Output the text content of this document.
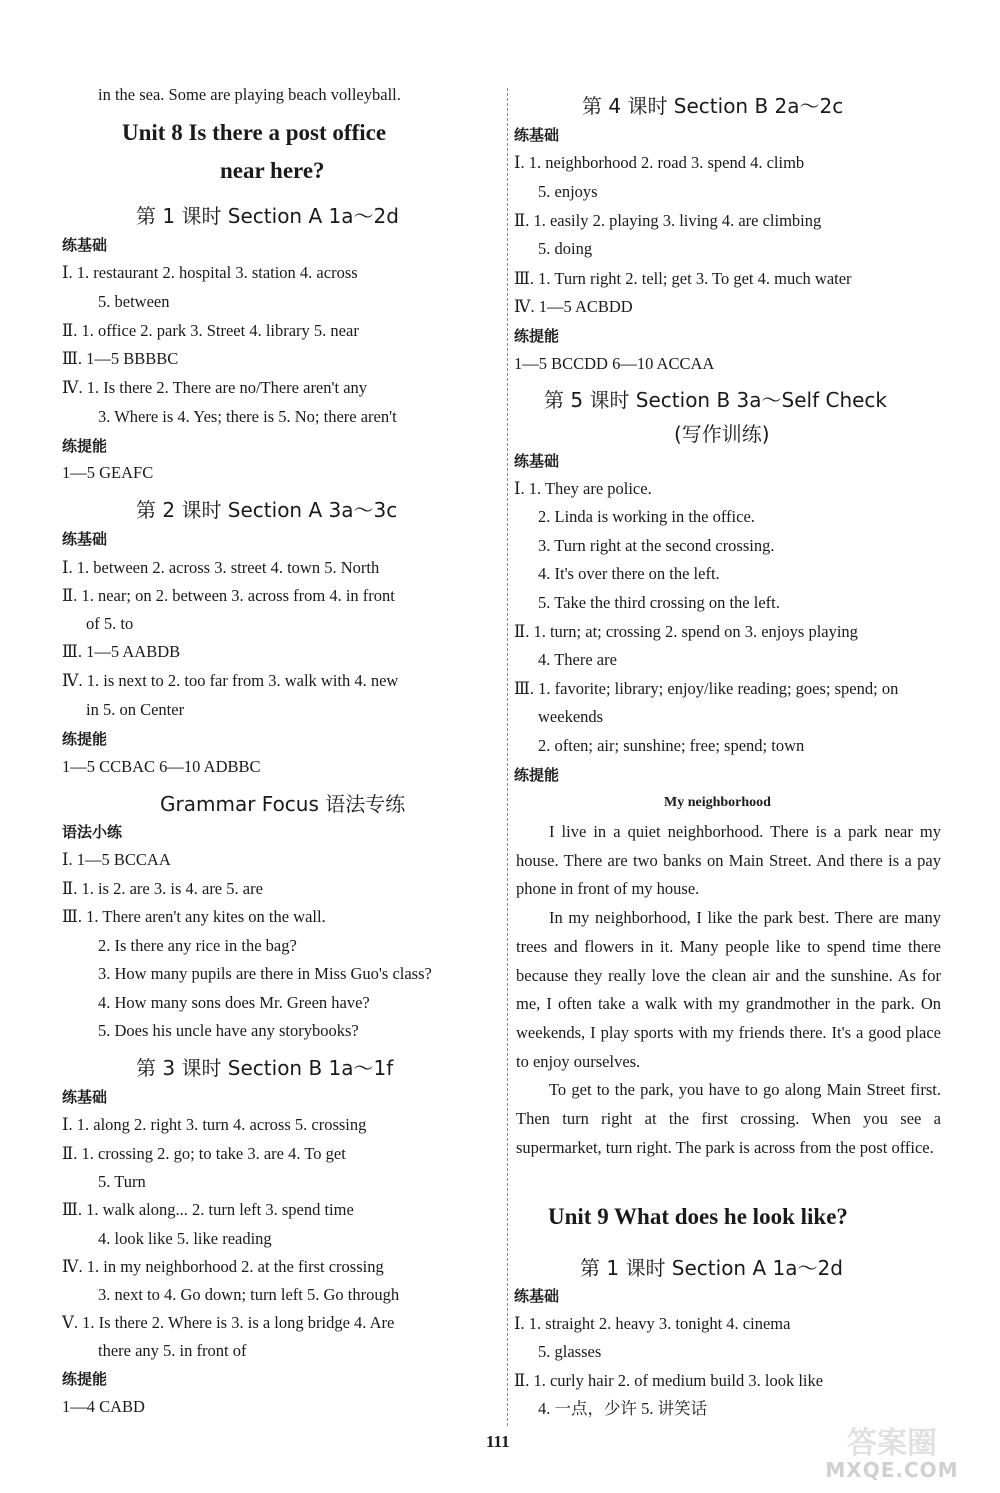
in the sea. Some are playing beach volleyball.
Unit 8 Is there a post office
near here?
第 1 课时 Section A 1a～2d
练基础
Ⅰ. 1. restaurant 2. hospital 3. station 4. across
5. between
Ⅱ. 1. office 2. park 3. Street 4. library 5. near
Ⅲ. 1—5 BBBBC
Ⅳ. 1. Is there 2. There are no/There aren't any
3. Where is 4. Yes; there is 5. No; there aren't
练提能
1—5 GEAFC
第 2 课时 Section A 3a～3c
练基础
Ⅰ. 1. between 2. across 3. street 4. town 5. North
Ⅱ. 1. near; on 2. between 3. across from 4. in front
of 5. to
Ⅲ. 1—5 AABDB
Ⅳ. 1. is next to 2. too far from 3. walk with 4. new
in 5. on Center
练提能
1—5 CCBAC 6—10 ADBBC
Grammar Focus 语法专练
语法小练
Ⅰ. 1—5 BCCAA
Ⅱ. 1. is 2. are 3. is 4. are 5. are
Ⅲ. 1. There aren't any kites on the wall.
2. Is there any rice in the bag?
3. How many pupils are there in Miss Guo's class?
4. How many sons does Mr. Green have?
5. Does his uncle have any storybooks?
第 3 课时 Section B 1a～1f
练基础
Ⅰ. 1. along 2. right 3. turn 4. across 5. crossing
Ⅱ. 1. crossing 2. go; to take 3. are 4. To get
5. Turn
Ⅲ. 1. walk along... 2. turn left 3. spend time
4. look like 5. like reading
Ⅳ. 1. in my neighborhood 2. at the first crossing
3. next to 4. Go down; turn left 5. Go through
Ⅴ. 1. Is there 2. Where is 3. is a long bridge 4. Are
there any 5. in front of
练提能
1—4 CABD
第 4 课时 Section B 2a～2c
练基础
Ⅰ. 1. neighborhood 2. road 3. spend 4. climb
5. enjoys
Ⅱ. 1. easily 2. playing 3. living 4. are climbing
5. doing
Ⅲ. 1. Turn right 2. tell; get 3. To get 4. much water
Ⅳ. 1—5 ACBDD
练提能
1—5 BCCDD 6—10 ACCAA
第 5 课时 Section B 3a～Self Check
(写作训练)
练基础
Ⅰ. 1. They are police.
2. Linda is working in the office.
3. Turn right at the second crossing.
4. It's over there on the left.
5. Take the third crossing on the left.
Ⅱ. 1. turn; at; crossing 2. spend on 3. enjoys playing
4. There are
Ⅲ. 1. favorite; library; enjoy/like reading; goes; spend; on
weekends
2. often; air; sunshine; free; spend; town
练提能
My neighborhood

I live in a quiet neighborhood. There is a park near my house. There are two banks on Main Street. And there is a pay phone in front of my house.

In my neighborhood, I like the park best. There are many trees and flowers in it. Many people like to spend time there because they really love the clean air and the sunshine. As for me, I often take a walk with my grandmother in the park. On weekends, I play sports with my friends there. It's a good place to enjoy ourselves.

To get to the park, you have to go along Main Street first. Then turn right at the first crossing. When you see a supermarket, turn right. The park is across from the post office.

Unit 9 What does he look like?
第 1 课时 Section A 1a～2d
练基础
Ⅰ. 1. straight 2. heavy 3. tonight 4. cinema
5. glasses
Ⅱ. 1. curly hair 2. of medium build 3. look like
4. 一点，少许 5. 讲笑话
111	答案圈
MXQE.COM
